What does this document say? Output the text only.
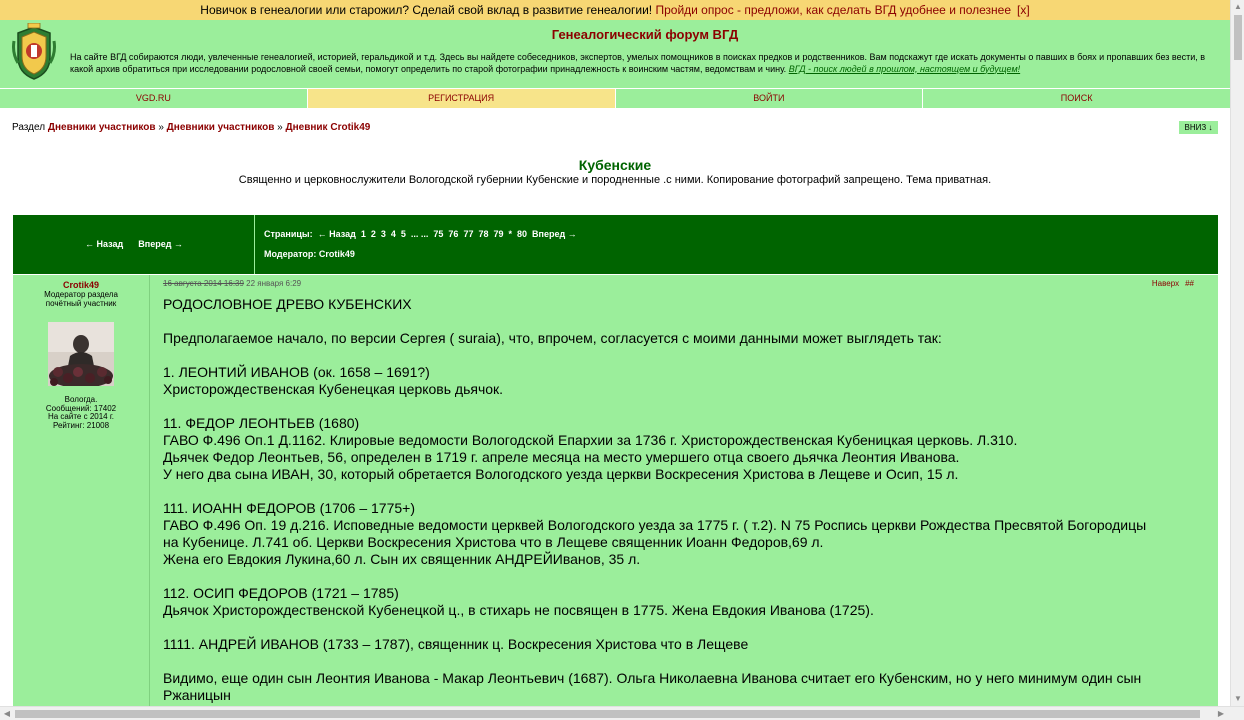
Новичок в генеалогии или старожил? Сделай свой вклад в развитие генеалогии! Пройди опрос - предложи, как сделать ВГД удобнее и полезнее [x]
Генеалогический форум ВГД
На сайте ВГД собираются люди, увлеченные генеалогией, историей, геральдикой и т.д. Здесь вы найдете собеседников, экспертов, умелых помощников в поисках предков и родственников. Вам подскажут где искать документы о павших в боях и пропавших без вести, в какой архив обратиться при исследовании родословной своей семьи, помогут определить по старой фотографии принадлежность к воинским частям, ведомствам и чину. ВГД - поиск людей в прошлом, настоящем и будущем!
VGD.RU	РЕГИСТРАЦИЯ	ВОЙТИ	ПОИСК
Раздел Дневники участников » Дневники участников » Дневник Crotik49	ВНИЗ ↓
Кубенские
Священно и церковнослужители Вологодской губернии Кубенские и породненные .с ними. Копирование фотографий запрещено. Тема приватная.
← Назад Вперед →
Страницы: ← Назад 1 2 3 4 5 ... ... 75 76 77 78 79 * 80 Вперед →
Модератор: Crotik49
Crotik49
Модератор раздела
почётный участник
Вологда.
Сообщений: 17402
На сайте с 2014 г.
Рейтинг: 21008
16 августа 2014 16:39 22 января 6:29	Наверх ##

РОДОСЛОВНОЕ ДРЕВО КУБЕНСКИХ

Предполагаемое начало, по версии Сергея ( suraia), что, впрочем, согласуется с моими данными может выглядеть так:

1. ЛЕОНТИЙ ИВАНОВ (ок. 1658 – 1691?)

Христорождественская Кубенецкая церковь дьячок.

11. ФЕДОР ЛЕОНТЬЕВ (1680)

ГАВО Ф.496 Оп.1 Д.1162. Клировые ведомости Вологодской Епархии за 1736 г. Христорождественская Кубеницкая церковь. Л.310.

Дьячек Федор Леонтьев, 56, определен в 1719 г. апреле месяца на место умершего отца своего дьячка Леонтия Иванова.

У него два сына ИВАН, 30, который обретается Вологодского уезда церкви Воскресения Христова в Лещеве и Осип, 15 л.

111. ИОАНН ФЕДОРОВ (1706 – 1775+)

ГАВО Ф.496 Оп. 19 д.216. Исповедные ведомости церквей Вологодского уезда за 1775 г. ( т.2). N 75 Роспись церкви Рождества Пресвятой Богородицы

на Кубенице. Л.741 об. Церкви Воскресения Христова что в Лещеве священник Иоанн Федоров,69 л.

Жена его Евдокия Лукина,60 л. Сын их священник АНДРЕЙИванов, 35 л.

112. ОСИП ФЕДОРОВ (1721 – 1785)

Дьячок Христорождественской Кубенецкой ц., в стихарь не посвящен в 1775. Жена Евдокия Иванова (1725).

1111. АНДРЕЙ ИВАНОВ (1733 – 1787), священник ц. Воскресения Христова что в Лещеве

Видимо, еще один сын Леонтия Иванова - Макар Леонтьевич (1687). Ольга Николаевна Иванова считает его Кубенским, но у него минимум один сын

Ржаницын

▲
▼
◀	▶
